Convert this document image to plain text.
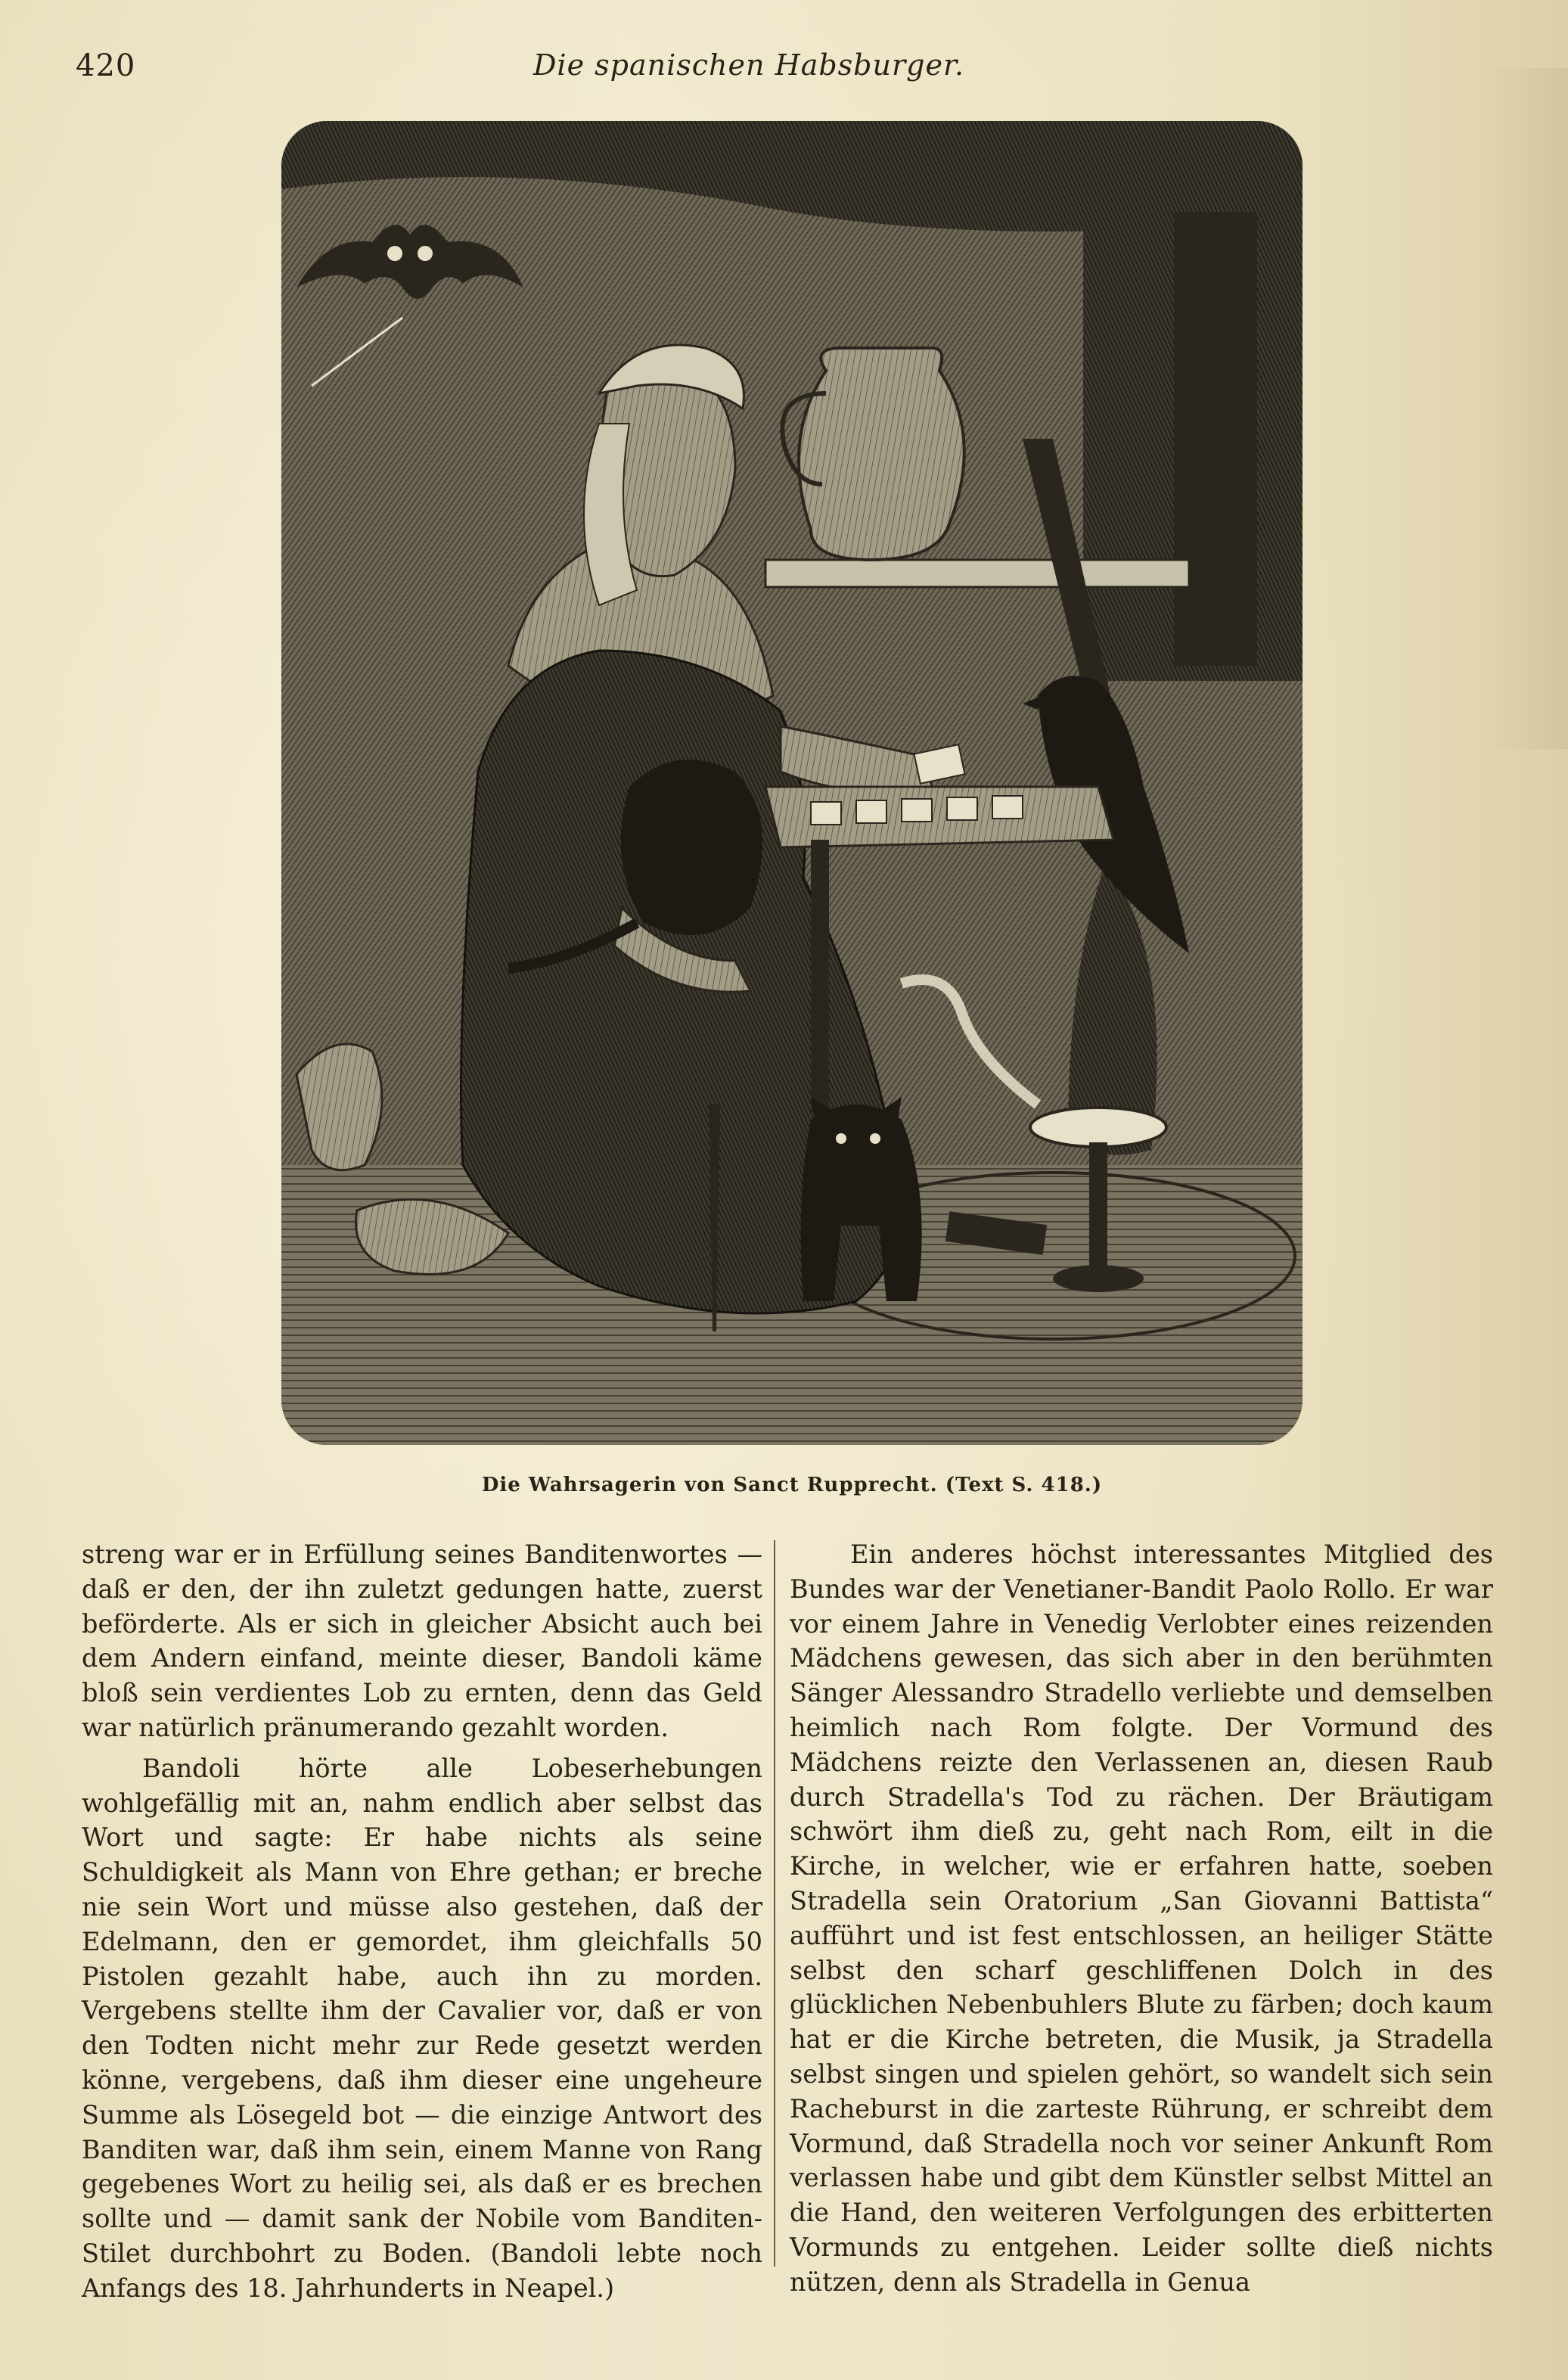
420	Die spanischen Habsburger.
Die Wahrsagerin von Sanct Rupprecht. (Text S. 418.)

streng war er in Erfüllung seines Banditenwortes — daß er den, der ihn zuletzt gedungen hatte, zuerst beförderte. Als er sich in gleicher Absicht auch bei dem Andern einfand, meinte dieser, Bandoli käme bloß sein verdientes Lob zu ernten, denn das Geld war natürlich pränumerando gezahlt worden.

Bandoli hörte alle Lobeserhebungen wohlgefällig mit an, nahm endlich aber selbst das Wort und sagte: Er habe nichts als seine Schuldigkeit als Mann von Ehre gethan; er breche nie sein Wort und müsse also gestehen, daß der Edelmann, den er gemordet, ihm gleichfalls 50 Pistolen gezahlt habe, auch ihn zu morden. Vergebens stellte ihm der Cavalier vor, daß er von den Todten nicht mehr zur Rede gesetzt werden könne, vergebens, daß ihm dieser eine ungeheure Summe als Lösegeld bot — die einzige Antwort des Banditen war, daß ihm sein, einem Manne von Rang gegebenes Wort zu heilig sei, als daß er es brechen sollte und — damit sank der Nobile vom Banditen-Stilet durchbohrt zu Boden. (Bandoli lebte noch Anfangs des 18. Jahrhunderts in Neapel.)

Ein anderes höchst interessantes Mitglied des Bundes war der Venetianer-Bandit Paolo Rollo. Er war vor einem Jahre in Venedig Verlobter eines reizenden Mädchens gewesen, das sich aber in den berühmten Sänger Alessandro Stradello verliebte und demselben heimlich nach Rom folgte. Der Vormund des Mädchens reizte den Verlassenen an, diesen Raub durch Stradella's Tod zu rächen. Der Bräutigam schwört ihm dieß zu, geht nach Rom, eilt in die Kirche, in welcher, wie er erfahren hatte, soeben Stradella sein Oratorium „San Giovanni Battista“ aufführt und ist fest entschlossen, an heiliger Stätte selbst den scharf geschliffenen Dolch in des glücklichen Nebenbuhlers Blute zu färben; doch kaum hat er die Kirche betreten, die Musik, ja Stradella selbst singen und spielen gehört, so wandelt sich sein Racheburst in die zarteste Rührung, er schreibt dem Vormund, daß Stradella noch vor seiner Ankunft Rom verlassen habe und gibt dem Künstler selbst Mittel an die Hand, den weiteren Verfolgungen des erbitterten Vormunds zu entgehen. Leider sollte dieß nichts nützen, denn als Stradella in Genua
